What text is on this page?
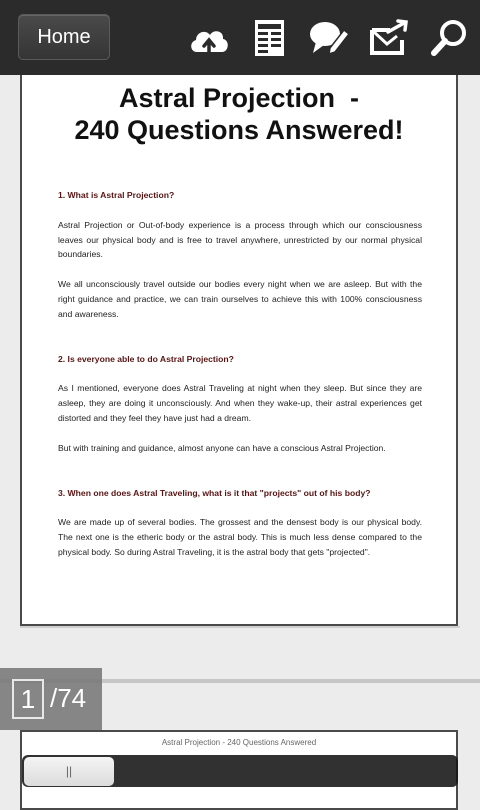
Astral Projection  -
240 Questions Answered!

1. What is Astral Projection?

Astral Projection or Out-of-body experience is a process through which our consciousness leaves our physical body and is free to travel anywhere, unrestricted by our normal physical boundaries.

We all unconsciously travel outside our bodies every night when we are asleep. But with the right guidance and practice, we can train ourselves to achieve this with 100% consciousness and awareness.

2. Is everyone able to do Astral Projection?

As I mentioned, everyone does Astral Traveling at night when they sleep. But since they are asleep, they are doing it unconsciously. And when they wake-up, their astral experiences get distorted and they feel they have just had a dream.

But with training and guidance, almost anyone can have a conscious Astral Projection.

3. When one does Astral Traveling, what is it that "projects" out of his body?

We are made up of several bodies. The grossest and the densest body is our physical body. The next one is the etheric body or the astral body. This is much less dense compared to the physical body. So during Astral Traveling, it is the astral body that gets "projected".

Home
Astral Projection - 240 Questions Answered
1 /74
||
